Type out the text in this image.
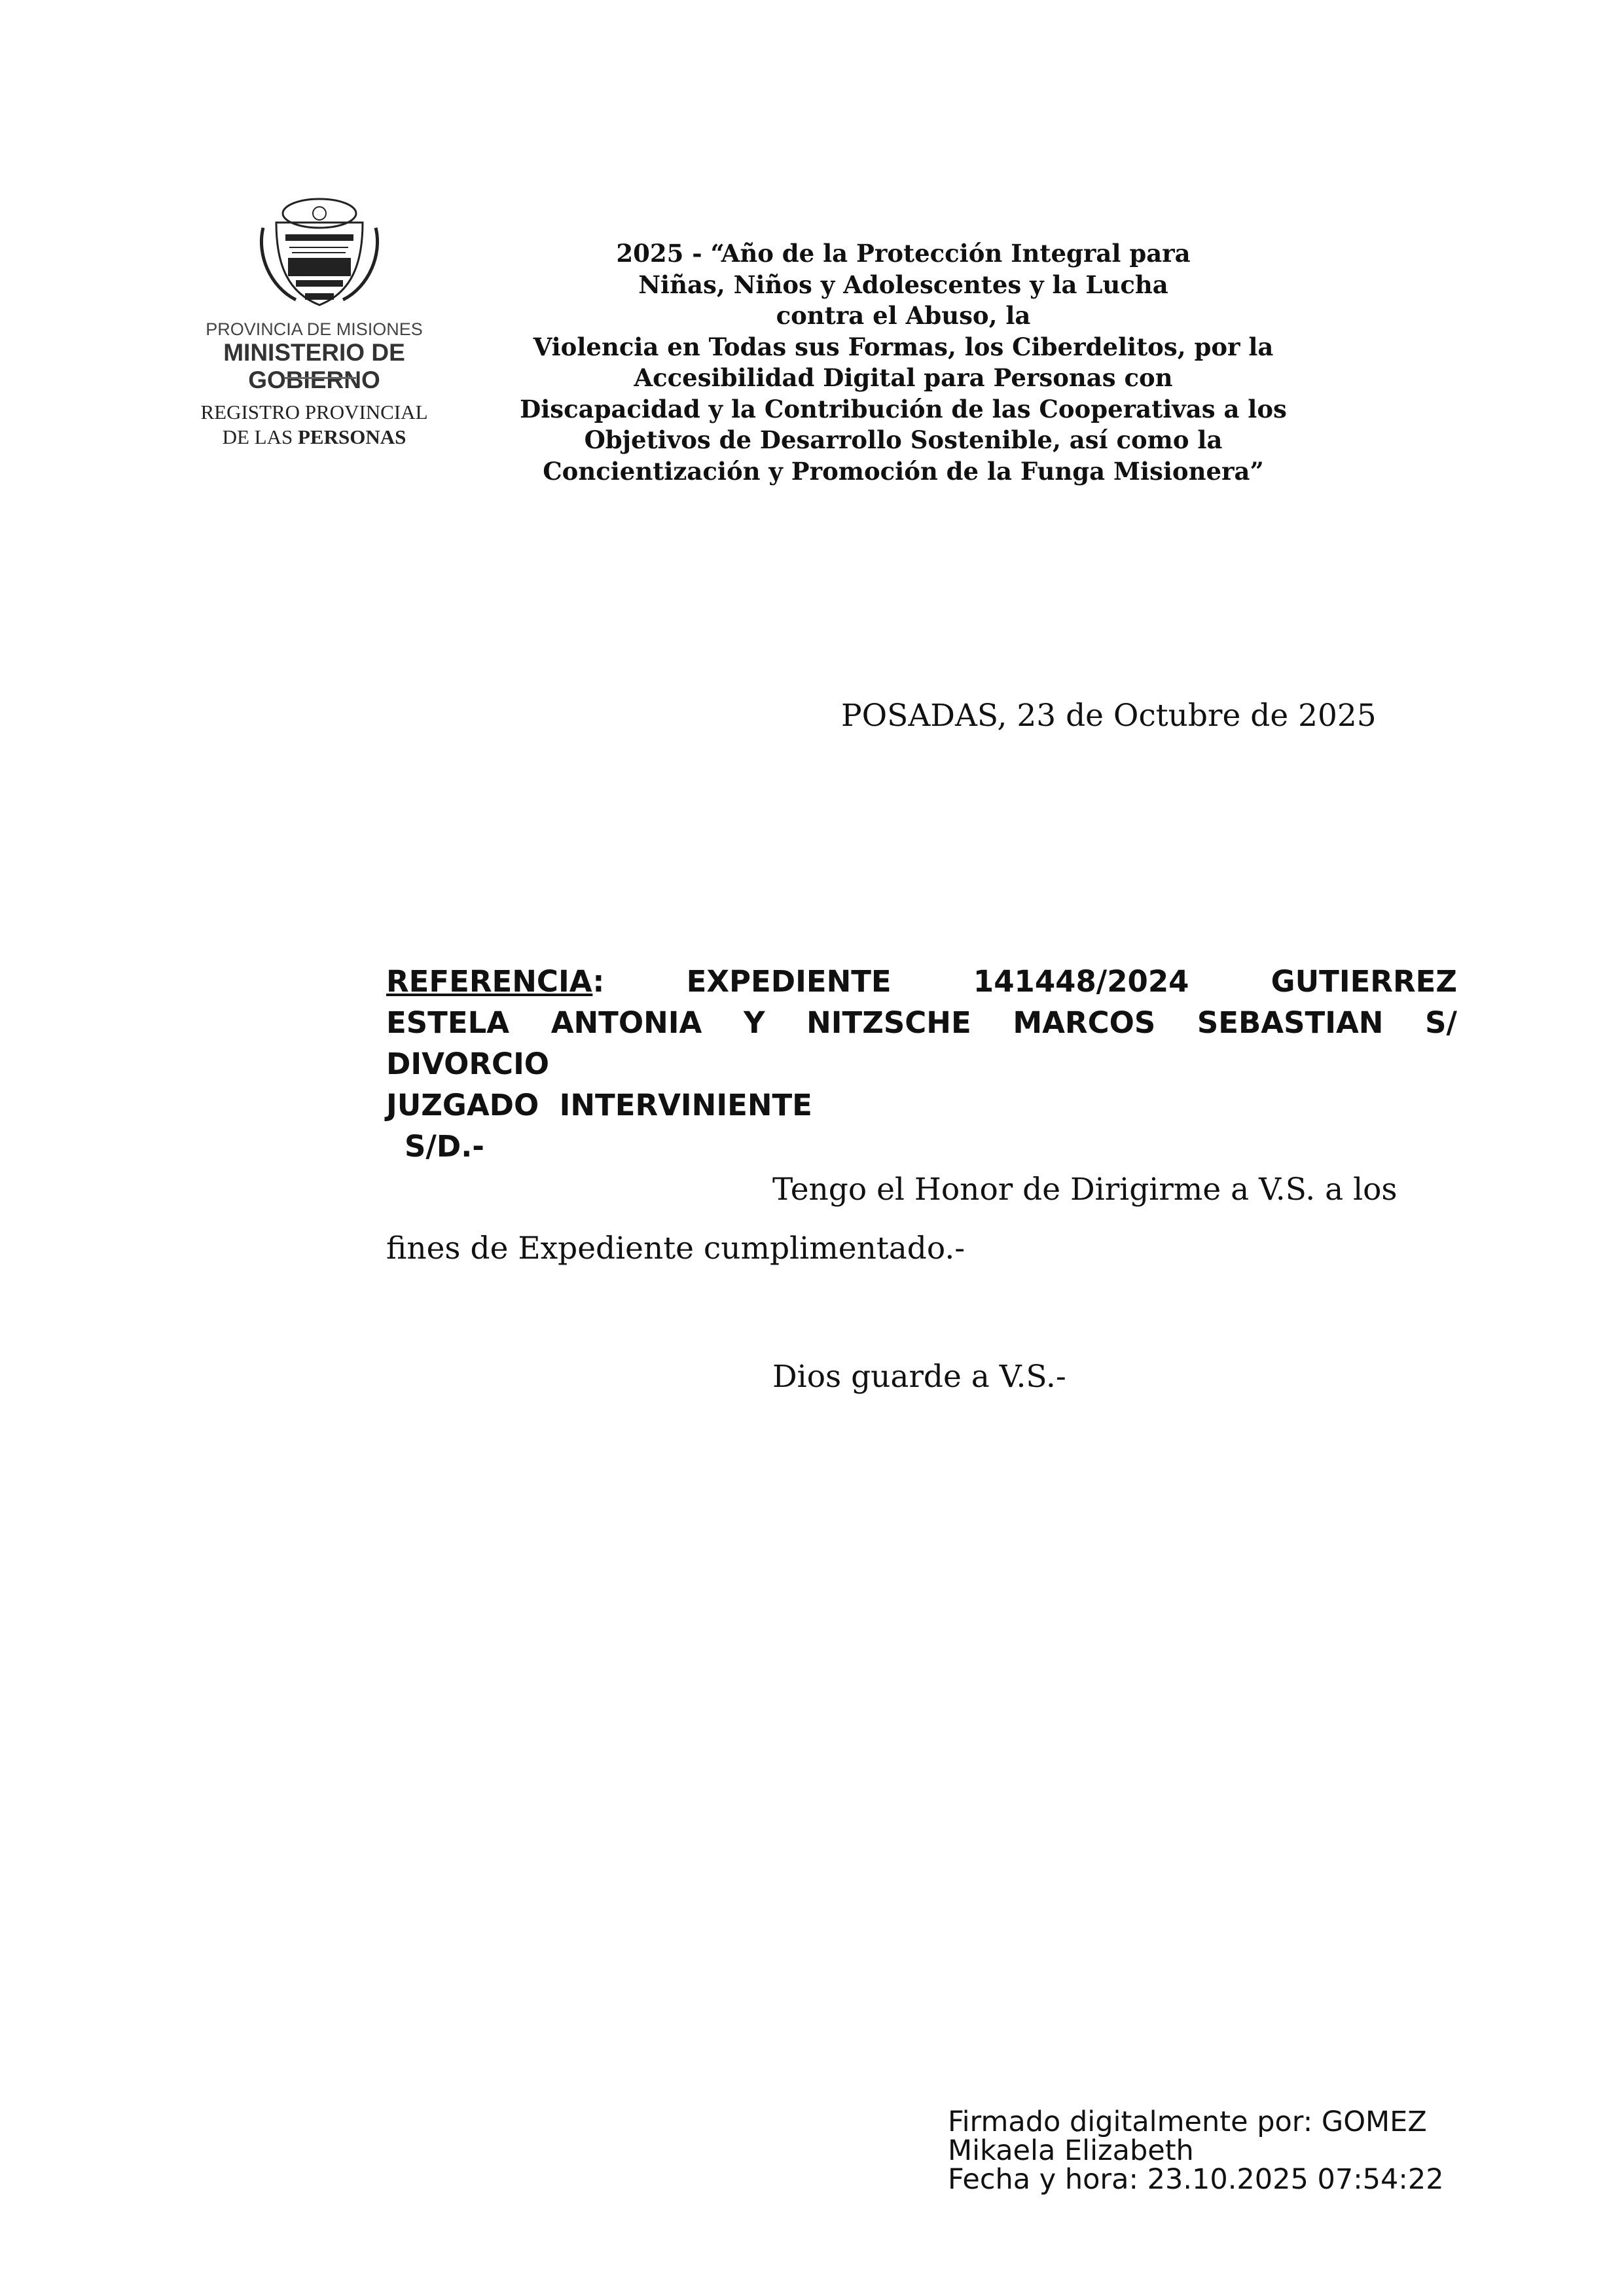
PROVINCIA DE MISIONES
MINISTERIO DE GOBIERNO
REGISTRO PROVINCIAL
DE LAS PERSONAS
2025 - “Año de la Protección Integral para
Niñas, Niños y Adolescentes y la Lucha
contra el Abuso, la
Violencia en Todas sus Formas, los Ciberdelitos, por la
Accesibilidad Digital para Personas con
Discapacidad y la Contribución de las Cooperativas a los
Objetivos de Desarrollo Sostenible, así como la
Concientización y Promoción de la Funga Misionera”
POSADAS, 23 de Octubre de 2025
REFERENCIA:	EXPEDIENTE	141448/2024	GUTIERREZ
ESTELA ANTONIA Y NITZSCHE MARCOS SEBASTIAN S/
DIVORCIO
JUZGADO  INTERVINIENTE
S/D.-
Tengo el Honor de Dirigirme a V.S. a los
fines de Expediente cumplimentado.-
Dios guarde a V.S.-
Firmado digitalmente por: GOMEZ
Mikaela Elizabeth
Fecha y hora: 23.10.2025 07:54:22
